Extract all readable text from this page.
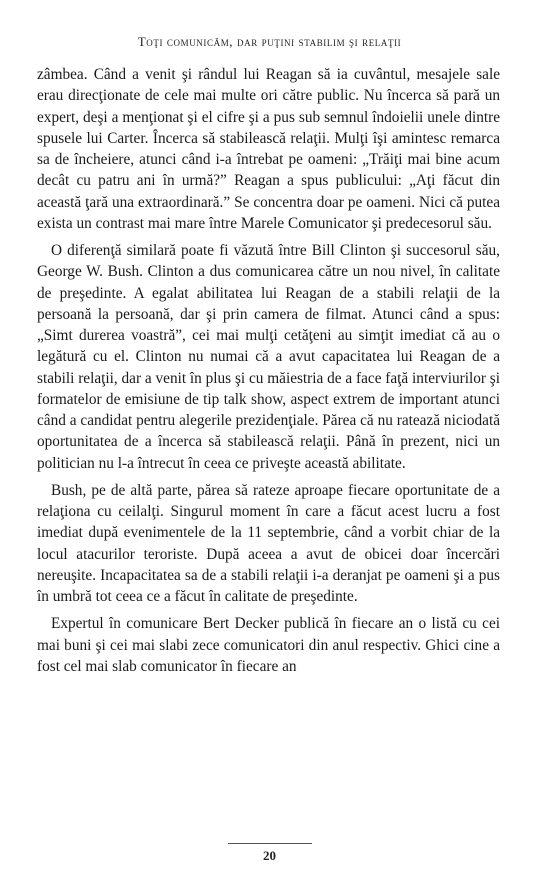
Toţi comunicăm, dar puţini stabilim şi relaţii

zâmbea. Când a venit şi rândul lui Reagan să ia cuvântul, mesajele sale erau direcţionate de cele mai multe ori către public. Nu încerca să pară un expert, deşi a menţionat şi el cifre şi a pus sub semnul îndoielii unele dintre spusele lui Carter. Încerca să stabilească relaţii. Mulţi îşi amintesc remarca sa de încheiere, atunci când i-a întrebat pe oameni: „Trăiţi mai bine acum decât cu patru ani în urmă?” Reagan a spus publicului: „Aţi făcut din această ţară una extraordinară.” Se concentra doar pe oameni. Nici că putea exista un contrast mai mare între Marele Comunicator şi predecesorul său.

O diferenţă similară poate fi văzută între Bill Clinton şi succesorul său, George W. Bush. Clinton a dus comunicarea către un nou nivel, în calitate de preşedinte. A egalat abilitatea lui Reagan de a stabili relaţii de la persoană la persoană, dar şi prin camera de filmat. Atunci când a spus: „Simt durerea voastră”, cei mai mulţi cetăţeni au simţit imediat că au o legătură cu el. Clinton nu numai că a avut capacitatea lui Reagan de a stabili relaţii, dar a venit în plus şi cu măiestria de a face faţă interviurilor şi formatelor de emisiune de tip talk show, aspect extrem de important atunci când a candidat pentru alegerile prezidenţiale. Părea că nu ratează niciodată oportunitatea de a încerca să stabilească relaţii. Până în prezent, nici un politician nu l-a întrecut în ceea ce priveşte această abilitate.

Bush, pe de altă parte, părea să rateze aproape fiecare oportunitate de a relaţiona cu ceilalţi. Singurul moment în care a făcut acest lucru a fost imediat după evenimentele de la 11 septembrie, când a vorbit chiar de la locul atacurilor teroriste. După aceea a avut de obicei doar încercări nereuşite. Incapacitatea sa de a stabili relaţii i-a deranjat pe oameni şi a pus în umbră tot ceea ce a făcut în calitate de preşedinte.

Expertul în comunicare Bert Decker publică în fiecare an o listă cu cei mai buni şi cei mai slabi zece comunicatori din anul respectiv. Ghici cine a fost cel mai slab comunicator în fiecare an

20
